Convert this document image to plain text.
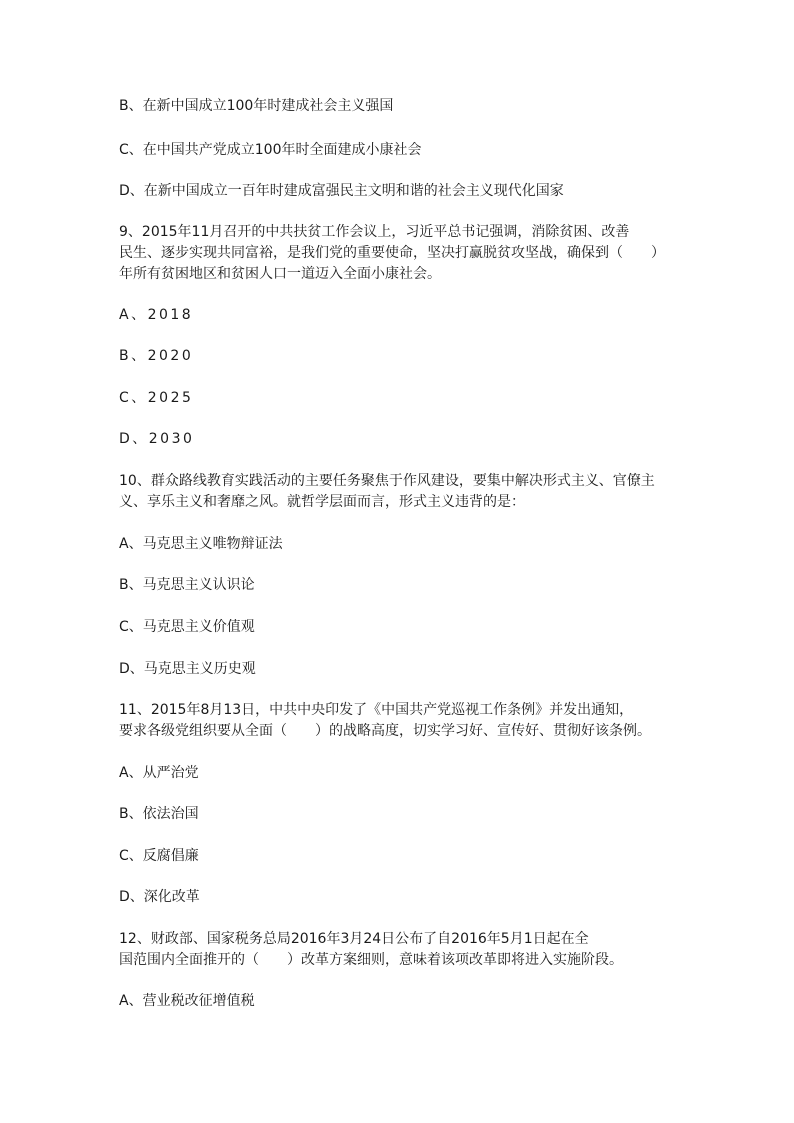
B、在新中国成立100年时建成社会主义强国
C、在中国共产党成立100年时全面建成小康社会
D、在新中国成立一百年时建成富强民主文明和谐的社会主义现代化国家
9、2015年11月召开的中共扶贫工作会议上，习近平总书记强调，消除贫困、改善
民生、逐步实现共同富裕，是我们党的重要使命，坚决打赢脱贫攻坚战，确保到（　　）
年所有贫困地区和贫困人口一道迈入全面小康社会。
A、2018
B、2020
C、2025
D、2030
10、群众路线教育实践活动的主要任务聚焦于作风建设，要集中解决形式主义、官僚主
义、享乐主义和奢靡之风。就哲学层面而言，形式主义违背的是：
A、马克思主义唯物辩证法
B、马克思主义认识论
C、马克思主义价值观
D、马克思主义历史观
11、2015年8月13日，中共中央印发了《中国共产党巡视工作条例》并发出通知，
要求各级党组织要从全面（　　）的战略高度，切实学习好、宣传好、贯彻好该条例。
A、从严治党
B、依法治国
C、反腐倡廉
D、深化改革
12、财政部、国家税务总局2016年3月24日公布了自2016年5月1日起在全
国范围内全面推开的（　　）改革方案细则，意味着该项改革即将进入实施阶段。
A、营业税改征增值税
